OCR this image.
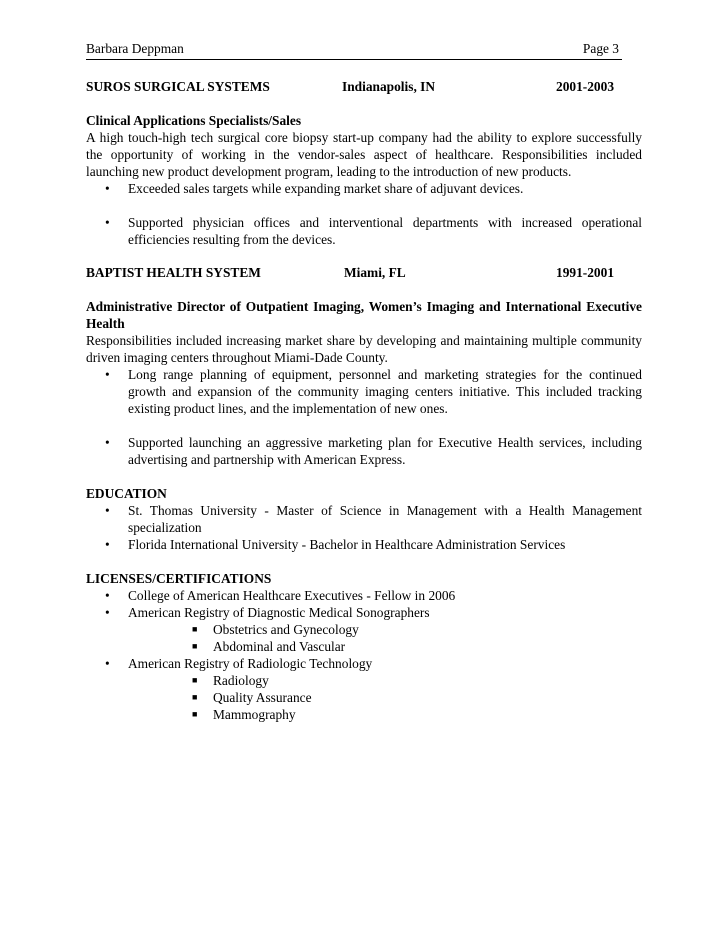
Barbara Deppman	Page 3
SUROS SURGICAL SYSTEMS	Indianapolis, IN	2001-2003
Clinical Applications Specialists/Sales
A high touch-high tech surgical core biopsy start-up company had the ability to explore successfully the opportunity of working in the vendor-sales aspect of healthcare. Responsibilities included launching new product development program, leading to the introduction of new products.
• Exceeded sales targets while expanding market share of adjuvant devices.
• Supported physician offices and interventional departments with increased operational efficiencies resulting from the devices.
BAPTIST HEALTH SYSTEM	Miami, FL	1991-2001
Administrative Director of Outpatient Imaging, Women’s Imaging and International Executive Health
Responsibilities included increasing market share by developing and maintaining multiple community driven imaging centers throughout Miami-Dade County.
• Long range planning of equipment, personnel and marketing strategies for the continued growth and expansion of the community imaging centers initiative. This included tracking existing product lines, and the implementation of new ones.
• Supported launching an aggressive marketing plan for Executive Health services, including advertising and partnership with American Express.
EDUCATION
• St. Thomas University - Master of Science in Management with a Health Management specialization
• Florida International University - Bachelor in Healthcare Administration Services
LICENSES/CERTIFICATIONS
• College of American Healthcare Executives - Fellow in 2006
• American Registry of Diagnostic Medical Sonographers
■ Obstetrics and Gynecology
■ Abdominal and Vascular
• American Registry of Radiologic Technology
■ Radiology
■ Quality Assurance
■ Mammography
